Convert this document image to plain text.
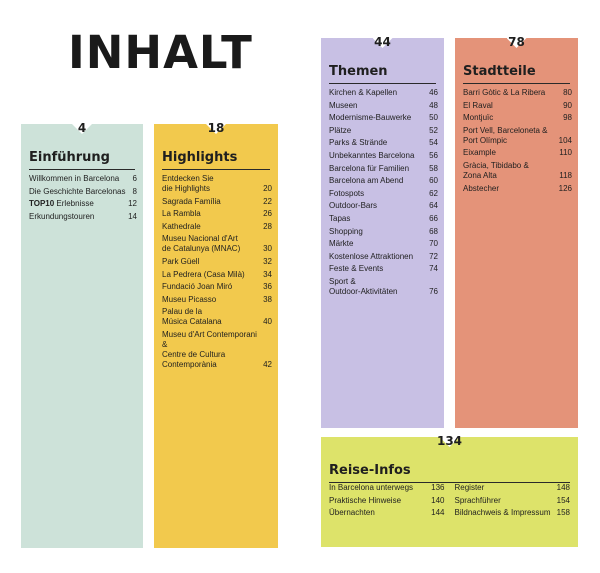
INHALT
4
Einführung
Willkommen in Barcelona 6
Die Geschichte Barcelonas 8
TOP10 Erlebnisse	12
Erkundungstouren	14
18
Highlights
Entdecken Sie
die Highlights	20
Sagrada Família	22
La Rambla	26
Kathedrale	28
Museu Nacional d'Art
de Catalunya (MNAC)	30
Park Güell	32
La Pedrera (Casa Milà) 34
Fundació Joan Miró	36
Museu Picasso	38
Palau de la
Música Catalana	40
Museu d'Art Contemporani &
Centre de Cultura
Contemporània	42
44
Themen
Kirchen & Kapellen	46
Museen	48
Modernisme-Bauwerke 50
Plätze	52
Parks & Strände	54
Unbekanntes Barcelona 56
Barcelona für Familien	58
Barcelona am Abend	60
Fotospots	62
Outdoor-Bars	64
Tapas	66
Shopping	68
Märkte	70
Kostenlose Attraktionen 72
Feste & Events	74
Sport &
Outdoor-Aktivitäten	76
78
Stadtteile
Barri Gòtic & La Ribera 80
El Raval	90
Montjuïc	98
Port Vell, Barceloneta &
Port Olímpic	104
Eixample	110
Gràcia, Tibidabo &
Zona Alta	118
Abstecher	126
134
Reise-Infos
In Barcelona unterwegs 136
Praktische Hinweise	140
Übernachten	144
Register	148
Sprachführer	154
Bildnachweis & Impressum 158
